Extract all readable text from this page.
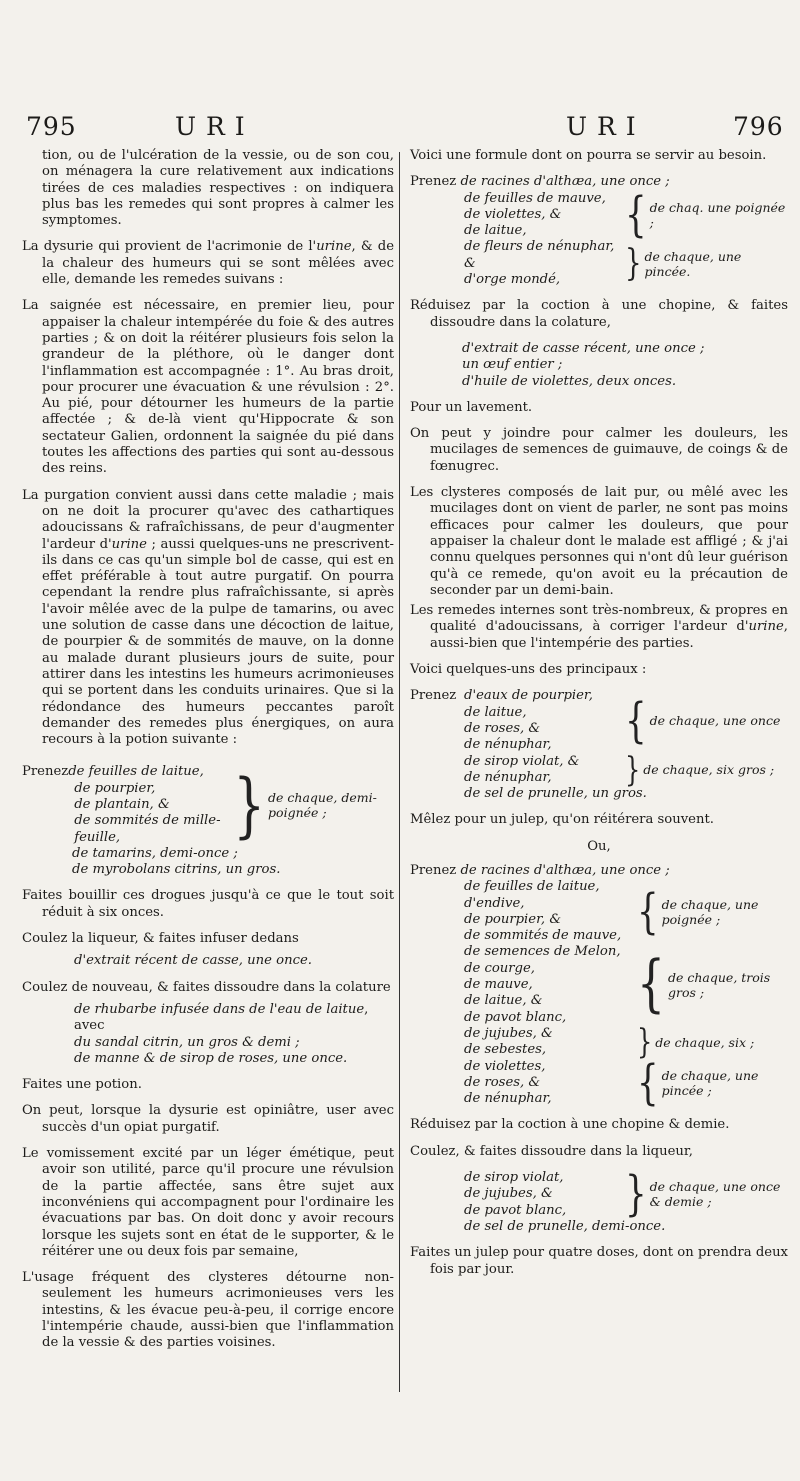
795	U R I	U R I	796

tion, ou de l'ulcération de la vessie, ou de son cou, on ménagera la cure relativement aux indications tirées de ces maladies respectives : on indiquera plus bas les remedes qui sont propres à calmer les symptomes.

La dysurie qui provient de l'acrimonie de l'urine, & de la chaleur des humeurs qui se sont mêlées avec elle, demande les remedes suivans :

La saignée est nécessaire, en premier lieu, pour appaiser la chaleur intempérée du foie & des autres parties ; & on doit la réitérer plusieurs fois selon la grandeur de la pléthore, où le danger dont l'inflammation est accompagnée : 1°. Au bras droit, pour procurer une évacuation & une révulsion : 2°. Au pié, pour détourner les humeurs de la partie affectée ; & de-là vient qu'Hippocrate & son sectateur Galien, ordonnent la saignée du pié dans toutes les affections des parties qui sont au-dessous des reins.

La purgation convient aussi dans cette maladie ; mais on ne doit la procurer qu'avec des cathartiques adoucissans & rafraîchissans, de peur d'augmenter l'ardeur d'urine ; aussi quelques-uns ne prescrivent-ils dans ce cas qu'un simple bol de casse, qui est en effet préférable à tout autre purgatif. On pourra cependant la rendre plus rafraîchissante, si après l'avoir mêlée avec de la pulpe de tamarins, ou avec une solution de casse dans une décoction de laitue, de pourpier & de sommités de mauve, on la donne au malade durant plusieurs jours de suite, pour attirer dans les intestins les humeurs acrimonieuses qui se portent dans les conduits urinaires. Que si la rédondance des humeurs peccantes paroît demander des remedes plus énergiques, on aura recours à la potion suivante :

Prenez de feuilles de laitue,
de pourpier,
de plantain, &
de sommités de mille-feuille,	} de chaque, demi-poignée ;
de tamarins, demi-once ;
de myrobolans citrins, un gros.

Faites bouillir ces drogues jusqu'à ce que le tout soit réduit à six onces.

Coulez la liqueur, & faites infuser dedans

d'extrait récent de casse, une once.

Coulez de nouveau, & faites dissoudre dans la colature

de rhubarbe infusée dans de l'eau de laitue, avec
du sandal citrin, un gros & demi ;
de manne & de sirop de roses, une once.

Faites une potion.

On peut, lorsque la dysurie est opiniâtre, user avec succès d'un opiat purgatif.

Le vomissement excité par un léger émétique, peut avoir son utilité, parce qu'il procure une révulsion de la partie affectée, sans être sujet aux inconvéniens qui accompagnent pour l'ordinaire les évacuations par bas. On doit donc y avoir recours lorsque les sujets sont en état de le supporter, & le réitérer une ou deux fois par semaine,

L'usage fréquent des clysteres détourne non-seulement les humeurs acrimonieuses vers les intestins, & les évacue peu-à-peu, il corrige encore l'intempérie chaude, aussi-bien que l'inflammation de la vessie & des parties voisines.

Voici une formule dont on pourra se servir au besoin.

Prenez de racines d'althæa, une once ;
de feuilles de mauve,
de violettes, &
de laitue,	{ de chaq. une poignée ;
de fleurs de nénuphar, &
d'orge mondé,	} de chaque, une pincée.

Réduisez par la coction à une chopine, & faites dissoudre dans la colature,

d'extrait de casse récent, une once ;
un œuf entier ;
d'huile de violettes, deux onces.

Pour un lavement.

On peut y joindre pour calmer les douleurs, les mucilages de semences de guimauve, de coings & de fœnugrec.

Les clysteres composés de lait pur, ou mêlé avec les mucilages dont on vient de parler, ne sont pas moins efficaces pour calmer les douleurs, que pour appaiser la chaleur dont le malade est affligé ; & j'ai connu quelques personnes qui n'ont dû leur guérison qu'à ce remede, qu'on avoit eu la précaution de seconder par un demi-bain.

Les remedes internes sont très-nombreux, & propres en qualité d'adoucissans, à corriger l'ardeur d'urine, aussi-bien que l'intempérie des parties.

Voici quelques-uns des principaux :

Prenez d'eaux de pourpier,
de laitue,
de roses, &
de nénuphar,	{ de chaque, une once
de sirop violat, &
de nénuphar,	} de chaque, six gros ;
de sel de prunelle, un gros.

Mêlez pour un julep, qu'on réitérera souvent.

Ou,

Prenez de racines d'althæa, une once ;
de feuilles de laitue,
d'endive,
de pourpier, &
de sommités de mauve, { de chaque, une poignée ;
de semences de Melon,
de courge,
de mauve,
de laitue, &
de pavot blanc,	{ de chaque, trois gros ;
de jujubes, &
de sebestes,	} de chaque, six ;
de violettes,
de roses, &
de nénuphar,	{ de chaque, une pincée ;

Réduisez par la coction à une chopine & demie.

Coulez, & faites dissoudre dans la liqueur,

de sirop violat,
de jujubes, &
de pavot blanc,	} de chaque, une once & demie ;
de sel de prunelle, demi-once.

Faites un julep pour quatre doses, dont on prendra deux fois par jour.
